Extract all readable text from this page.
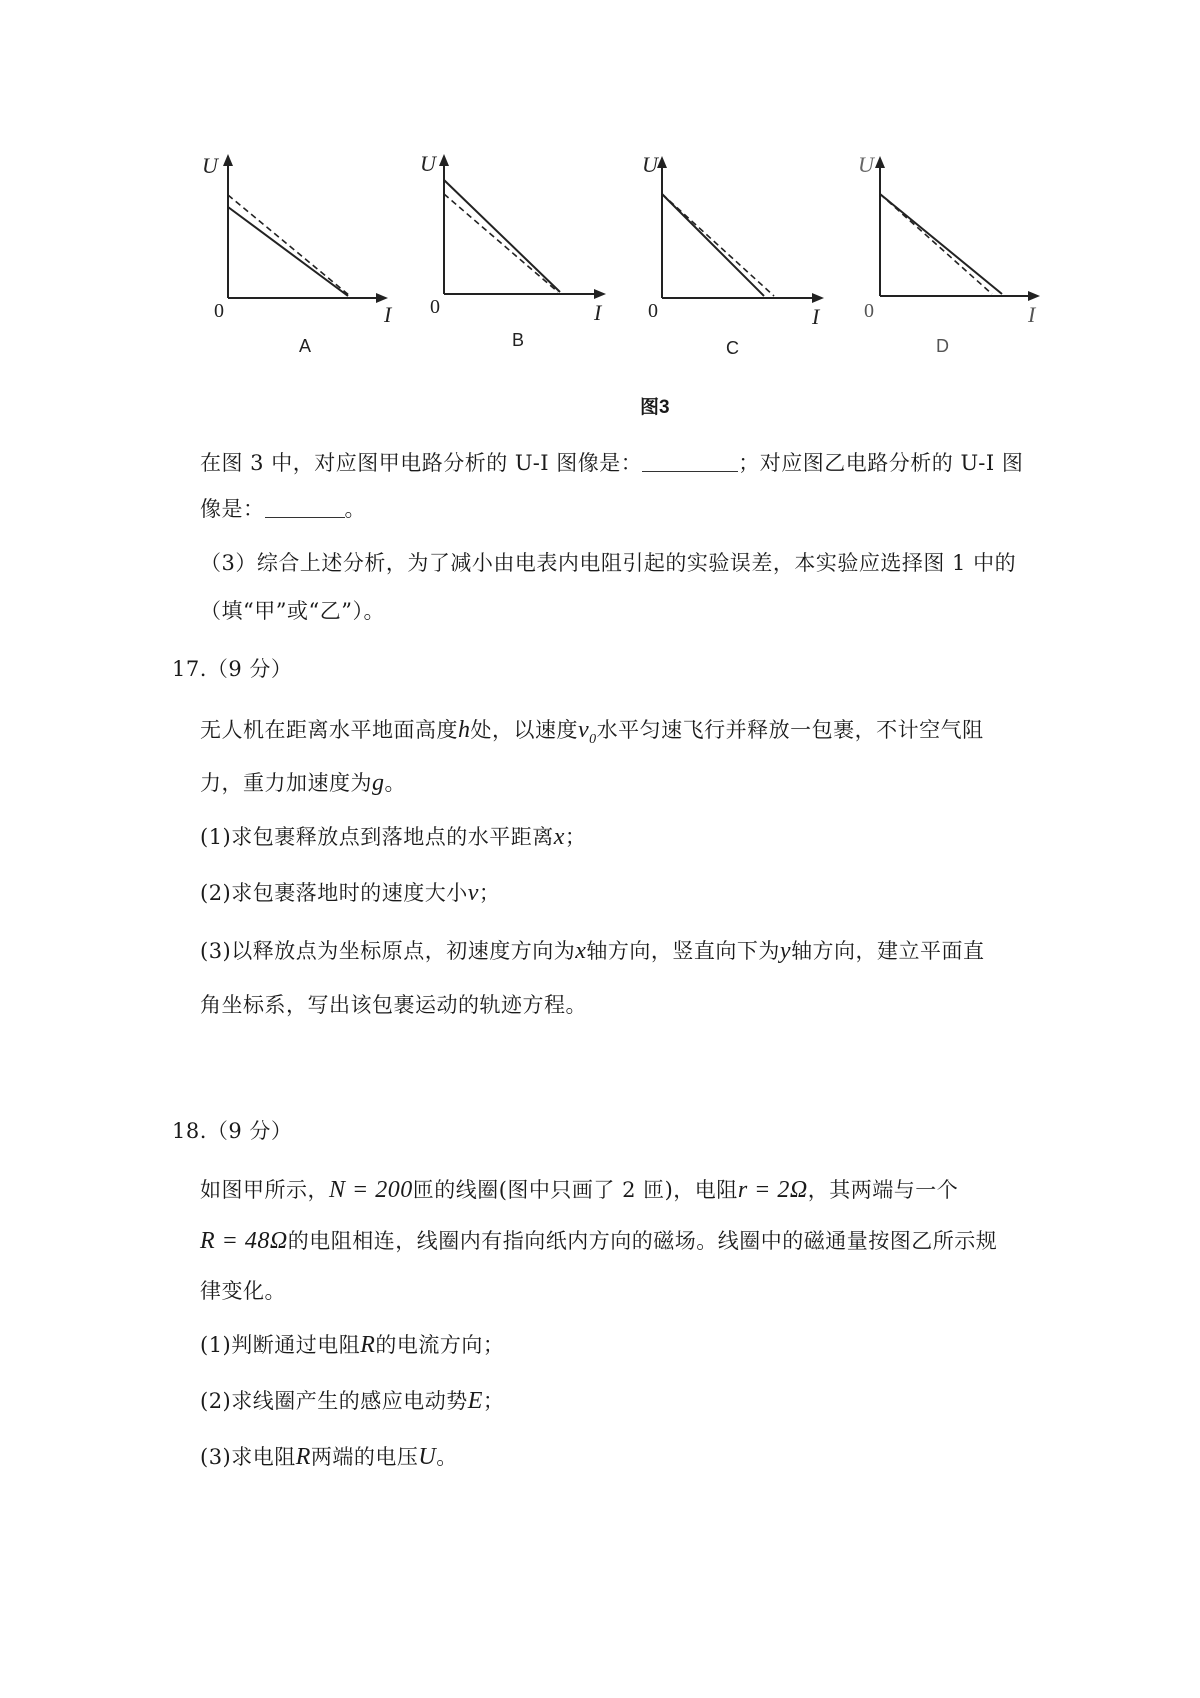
U
0	I
A
U
0	I
B
U
0	I
C
U
0	I
D
图3
在图 3 中，对应图甲电路分析的 U-I 图像是：	；对应图乙电路分析的 U-I 图
像是：	。
（3）综合上述分析，为了减小由电表内电阻引起的实验误差，本实验应选择图 1 中的
（填“甲”或“乙”）。
17.（9 分）
无人机在距离水平地面高度h处，以速度$v_0$水平匀速飞行并释放一包裹，不计空气阻
力，重力加速度为g。
(1)求包裹释放点到落地点的水平距离x；
(2)求包裹落地时的速度大小v；
(3)以释放点为坐标原点，初速度方向为x轴方向，竖直向下为y轴方向，建立平面直
角坐标系，写出该包裹运动的轨迹方程。
18.（9 分）
如图甲所示，N = 200匝的线圈(图中只画了 2 匝)，电阻r = 2Ω，其两端与一个
R = 48Ω的电阻相连，线圈内有指向纸内方向的磁场。线圈中的磁通量按图乙所示规
律变化。
(1)判断通过电阻R的电流方向；
(2)求线圈产生的感应电动势E；
(3)求电阻R两端的电压U。
